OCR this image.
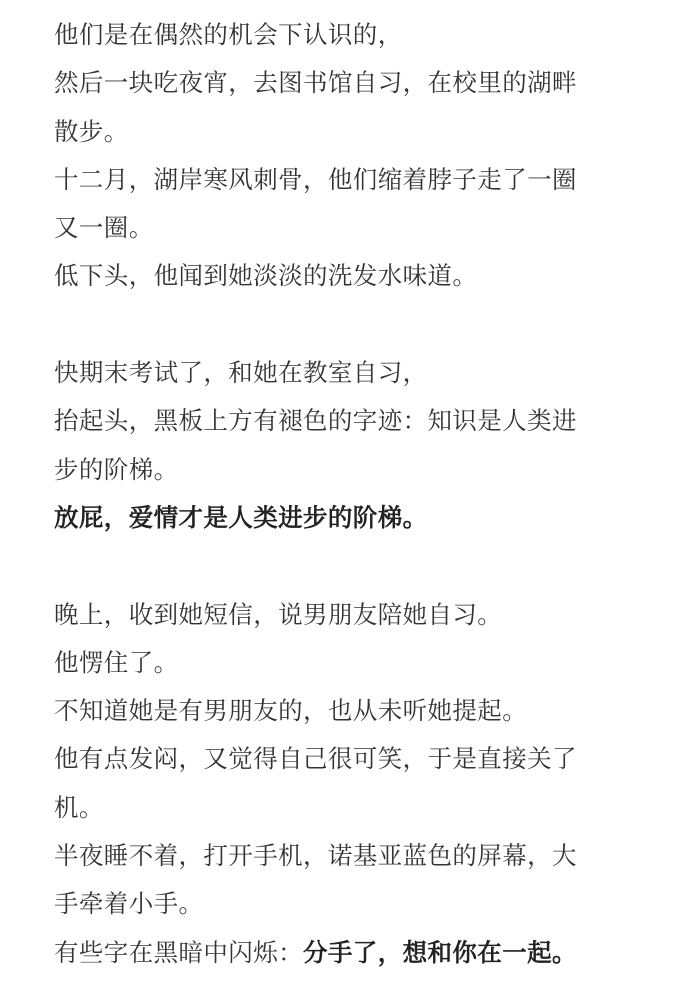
他们是在偶然的机会下认识的，

然后一块吃夜宵，去图书馆自习，在校里的湖畔

散步。

十二月，湖岸寒风刺骨，他们缩着脖子走了一圈

又一圈。

低下头，他闻到她淡淡的洗发水味道。

快期末考试了，和她在教室自习，

抬起头，黑板上方有褪色的字迹：知识是人类进

步的阶梯。

放屁，爱情才是人类进步的阶梯。

晚上，收到她短信，说男朋友陪她自习。

他愣住了。

不知道她是有男朋友的，也从未听她提起。

他有点发闷，又觉得自己很可笑，于是直接关了

机。

半夜睡不着，打开手机，诺基亚蓝色的屏幕，大

手牵着小手。

有些字在黑暗中闪烁：分手了，想和你在一起。
